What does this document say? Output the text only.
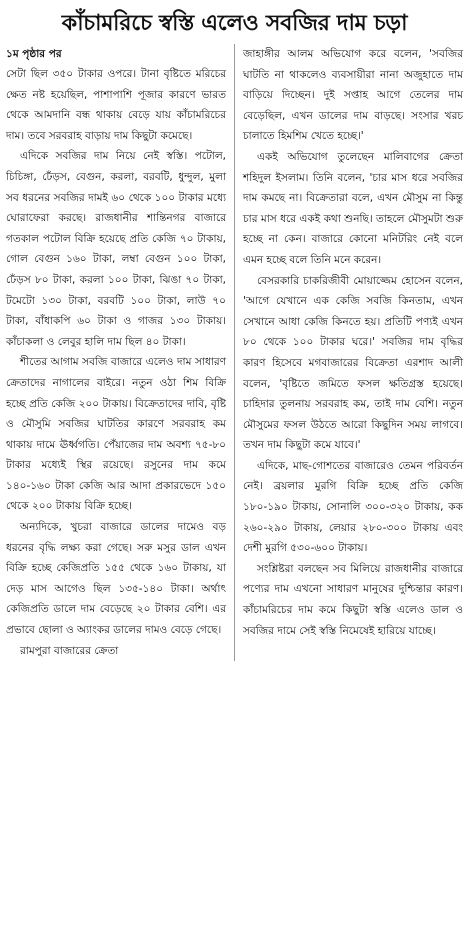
কাঁচামরিচে স্বস্তি এলেও সবজির দাম চড়া
১ম পৃষ্ঠার পর

সেটা ছিল ৩৫০ টাকার ওপরে। টানা বৃষ্টিতে মরিচের ক্ষেত নষ্ট হয়েছিল, পাশাপাশি পূজার কারণে ভারত থেকে আমদানি বন্ধ থাকায় বেড়ে যায় কাঁচামরিচের দাম। তবে সরবরাহ বাড়ায় দাম কিছুটা কমেছে।

এদিকে সবজির দাম নিয়ে নেই স্বস্তি। পটোল, চিচিঙ্গা, ঢেঁড়স, বেগুন, করলা, বরবটি, ধুন্দুল, মুলা সব ধরনের সবজির দামই ৬০ থেকে ১০০ টাকার মধ্যে ঘোরাফেরা করছে। রাজধানীর শান্তিনগর বাজারে গতকাল পটোল বিক্রি হয়েছে প্রতি কেজি ৭০ টাকায়, গোল বেগুন ১৬০ টাকা, লম্বা বেগুন ১০০ টাকা, ঢেঁড়স ৮০ টাকা, করলা ১০০ টাকা, ঝিঙা ৭০ টাকা, টমেটো ১৩০ টাকা, বরবটি ১০০ টাকা, লাউ ৭০ টাকা, বাঁধাকপি ৬০ টাকা ও গাজর ১৩০ টাকায়। কাঁচাকলা ও লেবুর হালি দাম ছিল ৪০ টাকা।

শীতের আগাম সবজি বাজারে এলেও দাম সাধারণ ক্রেতাদের নাগালের বাইরে। নতুন ওঠা শিম বিক্রি হচ্ছে প্রতি কেজি ২০০ টাকায়। বিক্রেতাদের দাবি, বৃষ্টি ও মৌসুমি সবজির ঘাটতির কারণে সরবরাহ কম থাকায় দামে ঊর্ধ্বগতি। পেঁয়াজের দাম অবশ্য ৭৫-৮০ টাকার মধ্যেই স্থির রয়েছে। রসুনের দাম কমে ১৪০-১৬০ টাকা কেজি আর আদা প্রকারভেদে ১৫০ থেকে ২০০ টাকায় বিক্রি হচ্ছে।

অন্যদিকে, খুচরা বাজারে ডালের দামেও বড় ধরনের বৃদ্ধি লক্ষ্য করা গেছে। সরু মসুর ডাল এখন বিক্রি হচ্ছে কেজিপ্রতি ১৫৫ থেকে ১৬০ টাকায়, যা দেড় মাস আগেও ছিল ১৩৫-১৪০ টাকা। অর্থাৎ কেজিপ্রতি ডালে দাম বেড়েছে ২০ টাকার বেশি। এর প্রভাবে ছোলা ও অ্যাংকর ডালের দামও বেড়ে গেছে।

রামপুরা বাজারের ক্রেতা

জাহাঙ্গীর আলম অভিযোগ করে বলেন, 'সবজির ঘাটতি না থাকলেও ব্যবসায়ীরা নানা অজুহাতে দাম বাড়িয়ে দিচ্ছেন। দুই সপ্তাহ আগে তেলের দাম বেড়েছিল, এখন ডালের দাম বাড়ছে। সংসার খরচ চালাতে হিমশিম খেতে হচ্ছে।'

একই অভিযোগ তুলেছেন মালিবাগের ক্রেতা শহিদুল ইসলাম। তিনি বলেন, 'চার মাস ধরে সবজির দাম কমছে না। বিক্রেতারা বলে, এখন মৌসুম না কিন্তু চার মাস ধরে একই কথা শুনছি। তাহলে মৌসুমটা শুরু হচ্ছে না কেন। বাজারে কোনো মনিটরিং নেই বলে এমন হচ্ছে বলে তিনি মনে করেন।

বেসরকারি চাকরিজীবী মোয়াজ্জেম হোসেন বলেন, 'আগে যেখানে এক কেজি সবজি কিনতাম, এখন সেখানে আধা কেজি কিনতে হয়। প্রতিটি পণ্যই এখন ৮০ থেকে ১০০ টাকার ঘরে।' সবজির দাম বৃদ্ধির কারণ হিসেবে মগবাজারের বিক্রেতা এরশাদ আলী বলেন, 'বৃষ্টিতে জমিতে ফসল ক্ষতিগ্রস্ত হয়েছে। চাহিদার তুলনায় সরবরাহ কম, তাই দাম বেশি। নতুন মৌসুমের ফসল উঠতে আরো কিছুদিন সময় লাগবে। তখন দাম কিছুটা কমে যাবে।'

এদিকে, মাছ-গোশতের বাজারেও তেমন পরিবর্তন নেই। ব্রয়লার মুরগি বিক্রি হচ্ছে প্রতি কেজি ১৮০-১৯০ টাকায়, সোনালি ৩০০-৩২০ টাকায়, কক ২৬০-২৯০ টাকায়, লেয়ার ২৮০-৩০০ টাকায় এবং দেশী মুরগি ৫৩০-৬০০ টাকায়।

সংশ্লিষ্টরা বলছেন সব মিলিয়ে রাজধানীর বাজারে পণ্যের দাম এখনো সাধারণ মানুষের দুশ্চিন্তার কারণ। কাঁচামরিচের দাম কমে কিছুটা স্বস্তি এলেও ডাল ও সবজির দামে সেই স্বস্তি নিমেষেই হারিয়ে যাচ্ছে।
